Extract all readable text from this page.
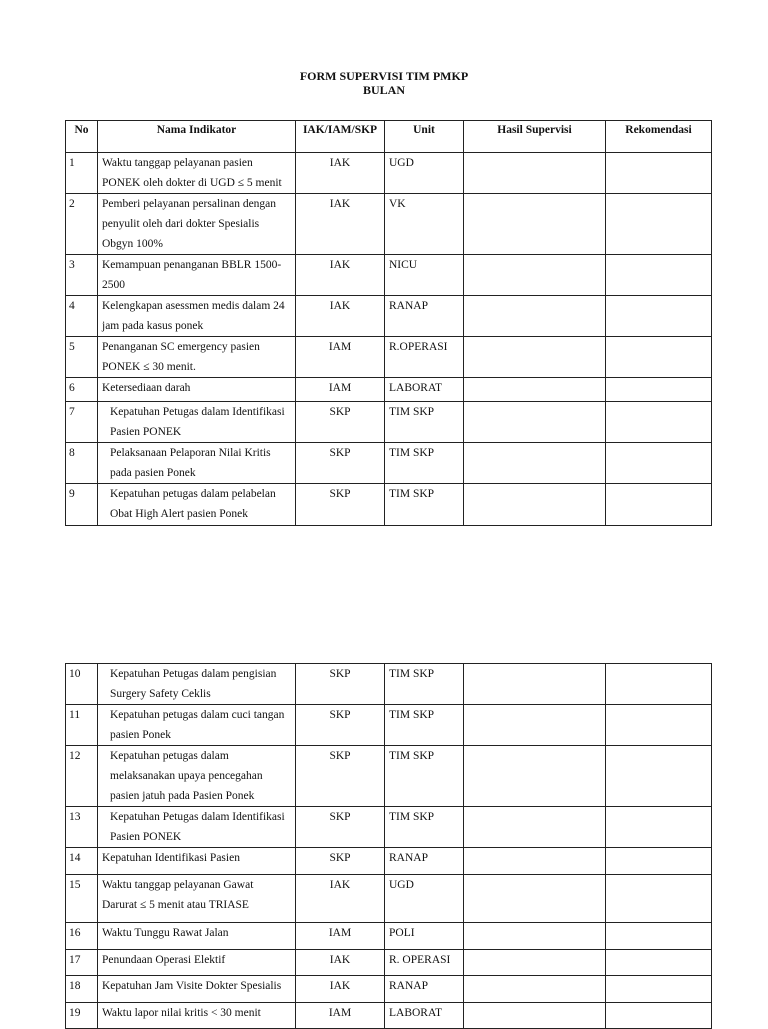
FORM SUPERVISI TIM PMKP
BULAN
No	Nama Indikator	IAK/IAM/SKP	Unit	Hasil Supervisi	Rekomendasi
1	Waktu tanggap pelayanan pasien
PONEK oleh dokter di UGD ≤ 5 menit	IAK	UGD		
2	Pemberi pelayanan persalinan dengan
penyulit oleh dari dokter Spesialis
Obgyn 100%	IAK	VK		
3	Kemampuan penanganan BBLR 1500-
2500	IAK	NICU		
4	Kelengkapan asessmen medis dalam 24
jam pada kasus ponek	IAK	RANAP		
5	Penanganan SC emergency pasien
PONEK ≤ 30 menit.	IAM	R.OPERASI		
6	Ketersediaan darah	IAM	LABORAT		
7	Kepatuhan Petugas dalam Identifikasi
Pasien PONEK	SKP	TIM SKP		
8	Pelaksanaan Pelaporan Nilai Kritis
pada pasien Ponek	SKP	TIM SKP		
9	Kepatuhan petugas dalam pelabelan
Obat High Alert pasien Ponek	SKP	TIM SKP		
10	Kepatuhan Petugas dalam pengisian
Surgery Safety Ceklis	SKP	TIM SKP		
11	Kepatuhan petugas dalam cuci tangan
pasien Ponek	SKP	TIM SKP		
12	Kepatuhan petugas dalam
melaksanakan upaya pencegahan
pasien jatuh pada Pasien Ponek	SKP	TIM SKP		
13	Kepatuhan Petugas dalam Identifikasi
Pasien PONEK	SKP	TIM SKP		
14	Kepatuhan Identifikasi Pasien	SKP	RANAP		
15	Waktu tanggap pelayanan Gawat
Darurat ≤ 5 menit atau TRIASE	IAK	UGD		
16	Waktu Tunggu Rawat Jalan	IAM	POLI		
17	Penundaan Operasi Elektif	IAK	R. OPERASI		
18	Kepatuhan Jam Visite Dokter Spesialis	IAK	RANAP		
19	Waktu lapor nilai kritis < 30 menit	IAM	LABORAT		
